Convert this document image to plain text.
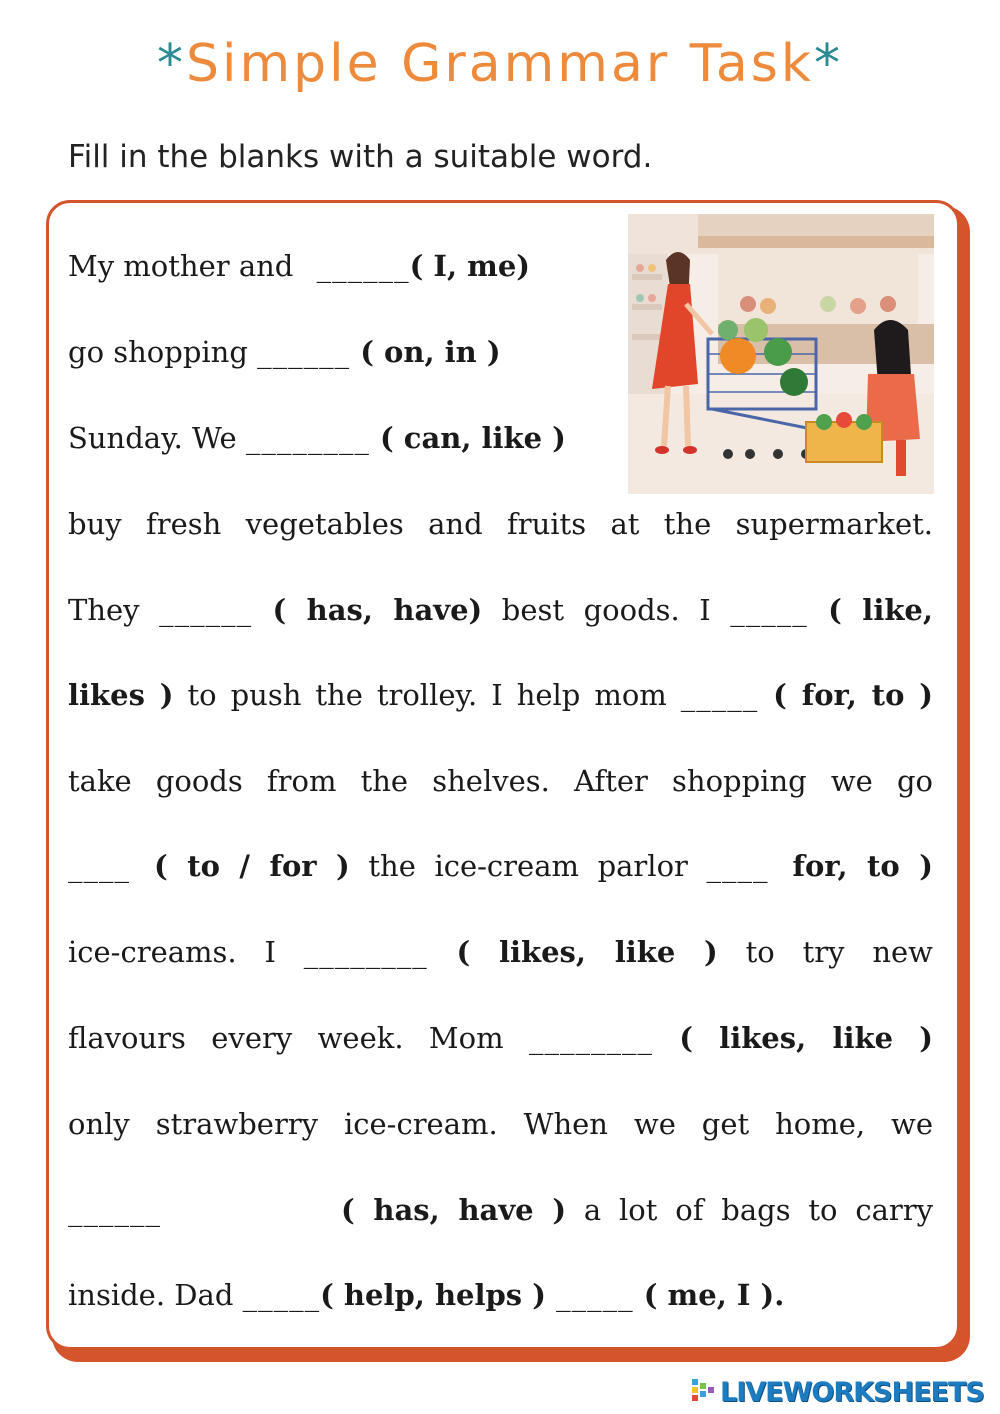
*Simple Grammar Task*
Fill in the blanks with a suitable word.
My mother and ______( I, me)
go shopping ______ ( on, in )
Sunday. We ________ ( can, like )
buy fresh vegetables and fruits at the supermarket.
They ______ ( has, have) best goods. I _____ ( like,
likes ) to push the trolley. I help mom _____ ( for, to )
take goods from the shelves. After shopping we go
____ ( to / for ) the ice-cream parlor ____ for, to )
ice-creams. I ________ ( likes, like ) to try new
flavours every week. Mom ________ ( likes, like )
only strawberry ice-cream. When we get home, we
______	( has, have ) a lot of bags to carry
inside. Dad _____( help, helps ) _____ ( me, I ).
LIVEWORKSHEETS
